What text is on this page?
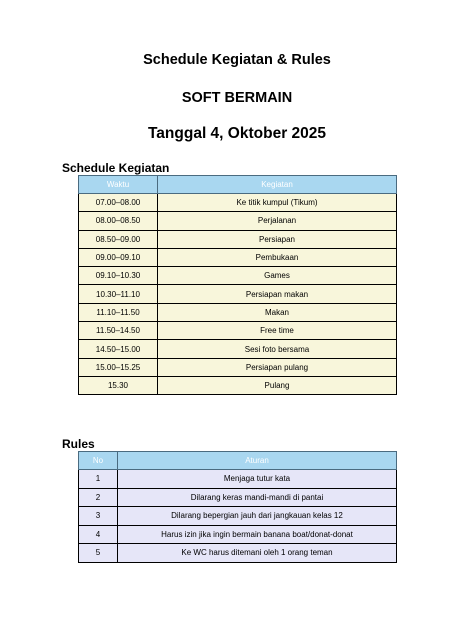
Schedule Kegiatan & Rules
SOFT BERMAIN
Tanggal 4, Oktober 2025
Schedule Kegiatan
Waktu	Kegiatan
07.00–08.00	Ke titik kumpul (Tikum)
08.00–08.50	Perjalanan
08.50–09.00	Persiapan
09.00–09.10	Pembukaan
09.10–10.30	Games
10.30–11.10	Persiapan makan
11.10–11.50	Makan
11.50–14.50	Free time
14.50–15.00	Sesi foto bersama
15.00–15.25	Persiapan pulang
15.30	Pulang
Rules
No	Aturan
1	Menjaga tutur kata
2	Dilarang keras mandi-mandi di pantai
3	Dilarang bepergian jauh dari jangkauan kelas 12
4	Harus izin jika ingin bermain banana boat/donat-donat
5	Ke WC harus ditemani oleh 1 orang teman
